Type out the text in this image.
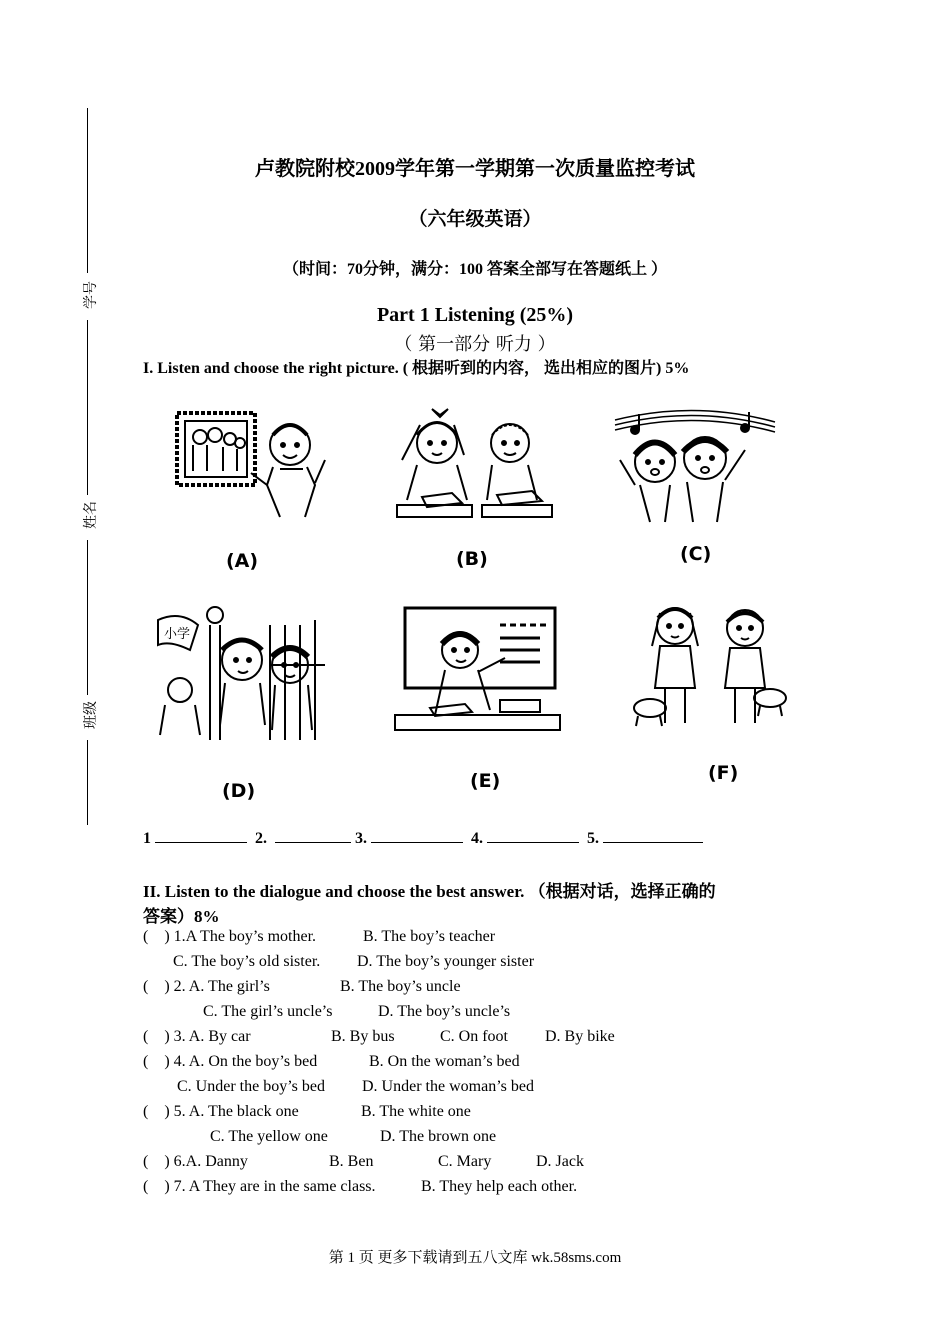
学号
姓名
班级
卢教院附校2009学年第一学期第一次质量监控考试
（六年级英语）
（时间：70分钟，满分：100 答案全部写在答题纸上 ）
Part 1 Listening (25%)
（ 第一部分 听力 ）
I. Listen and choose the right picture. ( 根据听到的内容， 选出相应的图片) 5%
(A)	(B)	(C)
小学
(D)	(E)	(F)
1	2.	3.	4.	5.
II. Listen to the dialogue and choose the best answer. （根据对话，选择正确的
答案）8%
(    ) 1.A The boy’s mother.	B. The boy’s teacher
C. The boy’s old sister. D. The boy’s younger sister
(    ) 2. A. The girl’s	B. The boy’s uncle
C. The girl’s uncle’s	D. The boy’s uncle’s
(    ) 3. A. By car	B. By bus	C. On foot D. By bike
(    ) 4. A. On the boy’s bed	B. On the woman’s bed
C. Under the boy’s bed D. Under the woman’s bed
(    ) 5. A. The black one	B. The white one
C. The yellow one	D. The brown one
(    ) 6.A. Danny	B. Ben	C. Mary	D. Jack
(    ) 7. A They are in the same class.	B. They help each other.
第 1 页 更多下载请到五八文库 wk.58sms.com
